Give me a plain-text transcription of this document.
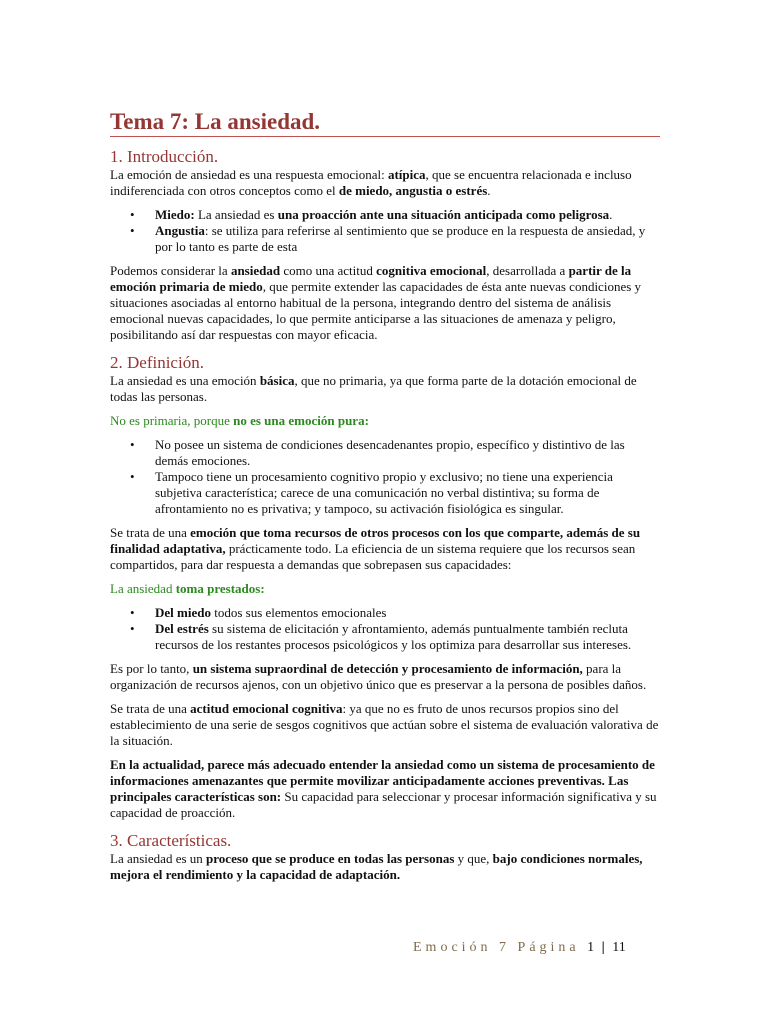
Tema 7: La ansiedad.
1. Introducción.

La emoción de ansiedad es una respuesta emocional: atípica, que se encuentra relacionada e incluso indiferenciada con otros conceptos como el de miedo, angustia o estrés.

• Miedo: La ansiedad es una proacción ante una situación anticipada como peligrosa.
• Angustia: se utiliza para referirse al sentimiento que se produce en la respuesta de ansiedad, y por lo tanto es parte de esta

Podemos considerar la ansiedad como una actitud cognitiva emocional, desarrollada a partir de la emoción primaria de miedo, que permite extender las capacidades de ésta ante nuevas condiciones y situaciones asociadas al entorno habitual de la persona, integrando dentro del sistema de análisis emocional nuevas capacidades, lo que permite anticiparse a las situaciones de amenaza y peligro, posibilitando así dar respuestas con mayor eficacia.

2. Definición.

La ansiedad es una emoción básica, que no primaria, ya que forma parte de la dotación emocional de todas las personas.

No es primaria, porque no es una emoción pura:

• No posee un sistema de condiciones desencadenantes propio, específico y distintivo de las demás emociones.
• Tampoco tiene un procesamiento cognitivo propio y exclusivo; no tiene una experiencia subjetiva característica; carece de una comunicación no verbal distintiva; su forma de afrontamiento no es privativa; y tampoco, su activación fisiológica es singular.

Se trata de una emoción que toma recursos de otros procesos con los que comparte, además de su finalidad adaptativa, prácticamente todo. La eficiencia de un sistema requiere que los recursos sean compartidos, para dar respuesta a demandas que sobrepasen sus capacidades:

La ansiedad toma prestados:

• Del miedo todos sus elementos emocionales
• Del estrés su sistema de elicitación y afrontamiento, además puntualmente también recluta recursos de los restantes procesos psicológicos y los optimiza para desarrollar sus intereses.

Es por lo tanto, un sistema supraordinal de detección y procesamiento de información, para la organización de recursos ajenos, con un objetivo único que es preservar a la persona de posibles daños.

Se trata de una actitud emocional cognitiva: ya que no es fruto de unos recursos propios sino del establecimiento de una serie de sesgos cognitivos que actúan sobre el sistema de evaluación valorativa de la situación.

En la actualidad, parece más adecuado entender la ansiedad como un sistema de procesamiento de informaciones amenazantes que permite movilizar anticipadamente acciones preventivas. Las principales características son: Su capacidad para seleccionar y procesar información significativa y su capacidad de proacción.

3. Características.

La ansiedad es un proceso que se produce en todas las personas y que, bajo condiciones normales, mejora el rendimiento y la capacidad de adaptación.

Emoción 7 Página 1 | 11
